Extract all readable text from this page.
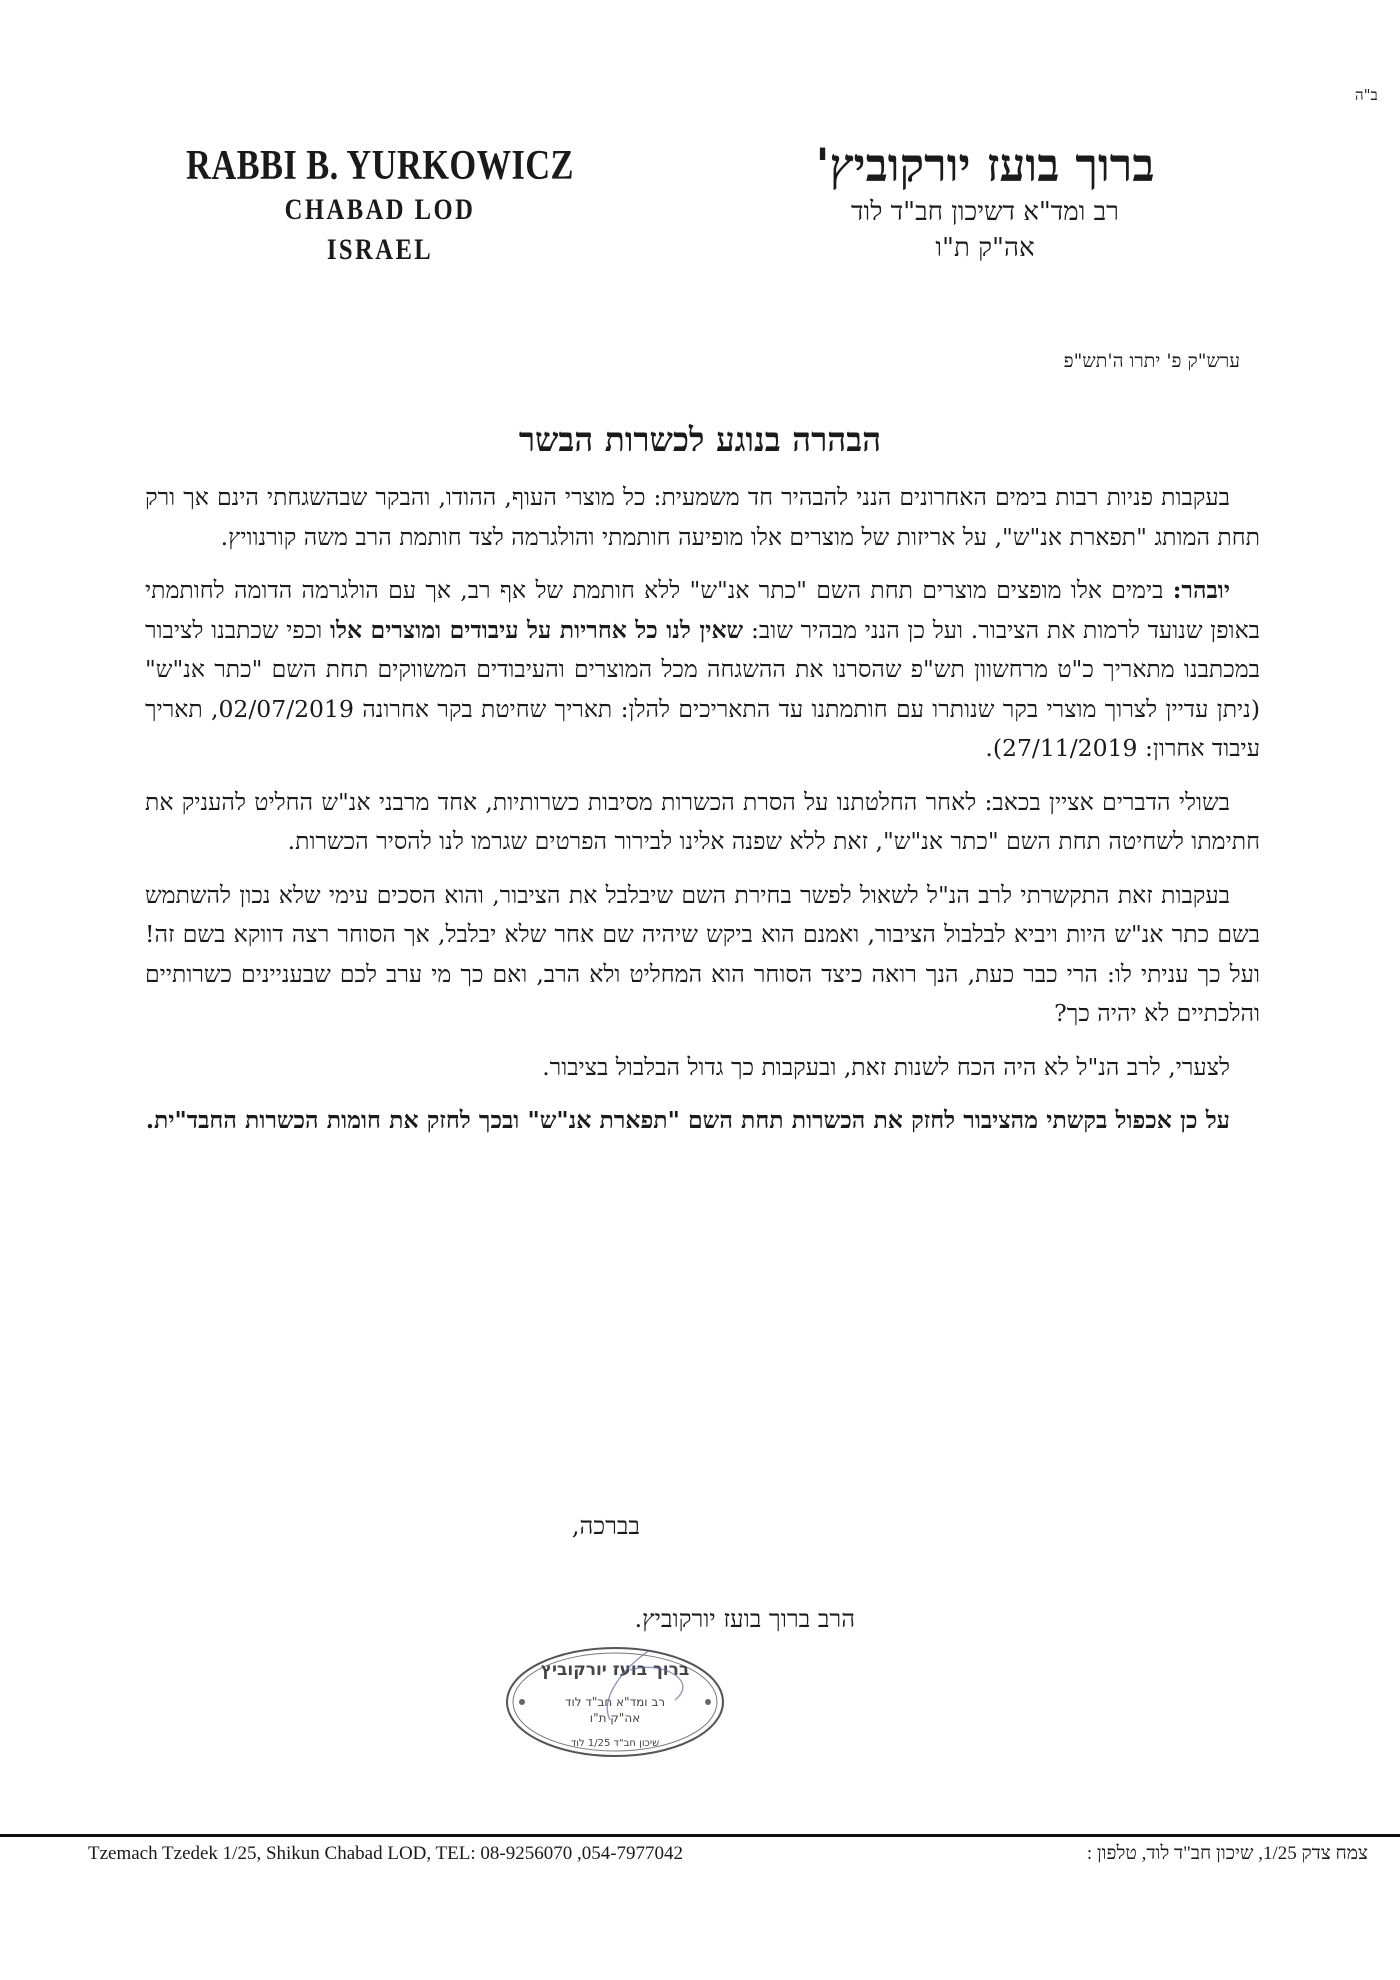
ב"ה
RABBI B. YURKOWICZ
CHABAD LOD
ISRAEL
ברוך בועז יורקוביץ'
רב ומד"א דשיכון חב"ד לוד
אה"ק ת"ו
ערש"ק פ' יתרו ה'תש"פ
הבהרה בנוגע לכשרות הבשר

בעקבות פניות רבות בימים האחרונים הנני להבהיר חד משמעית: כל מוצרי העוף, ההודו, והבקר שבהשגחתי הינם אך ורק תחת המותג "תפארת אנ"ש", על אריזות של מוצרים אלו מופיעה חותמתי והולגרמה לצד חותמת הרב משה קורנוויץ.

יובהר: בימים אלו מופצים מוצרים תחת השם "כתר אנ"ש" ללא חותמת של אף רב, אך עם הולגרמה הדומה לחותמתי באופן שנועד לרמות את הציבור. ועל כן הנני מבהיר שוב: שאין לנו כל אחריות על עיבודים ומוצרים אלו וכפי שכתבנו לציבור במכתבנו מתאריך כ"ט מרחשוון תש"פ שהסרנו את ההשגחה מכל המוצרים והעיבודים המשווקים תחת השם "כתר אנ"ש" (ניתן עדיין לצרוך מוצרי בקר שנותרו עם חותמתנו עד התאריכים להלן: תאריך שחיטת בקר אחרונה 02/07/2019, תאריך עיבוד אחרון: 27/11/2019).

בשולי הדברים אציין בכאב: לאחר החלטתנו על הסרת הכשרות מסיבות כשרותיות, אחד מרבני אנ"ש החליט להעניק את חתימתו לשחיטה תחת השם "כתר אנ"ש", זאת ללא שפנה אלינו לבירור הפרטים שגרמו לנו להסיר הכשרות.

בעקבות זאת התקשרתי לרב הנ"ל לשאול לפשר בחירת השם שיבלבל את הציבור, והוא הסכים עימי שלא נכון להשתמש בשם כתר אנ"ש היות ויביא לבלבול הציבור, ואמנם הוא ביקש שיהיה שם אחר שלא יבלבל, אך הסוחר רצה דווקא בשם זה! ועל כך עניתי לו: הרי כבר כעת, הנך רואה כיצד הסוחר הוא המחליט ולא הרב, ואם כך מי ערב לכם שבעניינים כשרותיים והלכתיים לא יהיה כך?

לצערי, לרב הנ"ל לא היה הכח לשנות זאת, ובעקבות כך גדול הבלבול בציבור.

על כן אכפול בקשתי מהציבור לחזק את הכשרות תחת השם "תפארת אנ"ש" ובכך לחזק את חומות הכשרות החבד"ית.

בברכה,
הרב ברוך בועז יורקוביץ.
ברוך בועז יורקוביץ
רב ומד"א חב"ד לוד
אה"ק ת"ו
שיכון חב"ד 1/25 לוד
Tzemach Tzedek 1/25, Shikun Chabad LOD, TEL: 08-9256070 ,054-7977042	צמח צדק 1/25, שיכון חב"ד לוד, טלפון :
